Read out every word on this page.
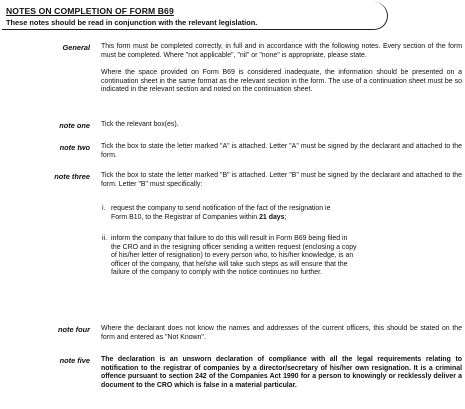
NOTES ON COMPLETION OF FORM B69
These notes should be read in conjunction with the relevant legislation.
General This form must be completed correctly, in full and in accordance with the following notes. Every section of the form must be completed. Where "not applicable", "nil" or "none" is appropriate, please state.
Where the space provided on Form B69 is considered inadequate, the information should be presented on a continuation sheet in the same format as the relevant section in the form. The use of a continuation sheet must be so indicated in the relevant section and noted on the continuation sheet.
note one Tick the relevant box(es).
note two Tick the box to state the letter marked "A" is attached. Letter "A" must be signed by the declarant and attached to the form.
note three Tick the box to state the letter marked "B" is attached. Letter "B" must be signed by the declarant and attached to the form. Letter "B" must specifically:
i. request the company to send notification of the fact of the resignation ie Form B10, to the Registrar of Companies within 21 days;
ii. inform the company that failure to do this will result in Form B69 being filed in the CRO and in the resigning officer sending a written request (enclosing a copy of his/her letter of resignation) to every person who, to his/her knowledge, is an officer of the company, that he/she will take such steps as will ensure that the failure of the company to comply with the notice continues no further.
note four Where the declarant does not know the names and addresses of the current officers, this should be stated on the form and entered as "Not Known".
note five The declaration is an unsworn declaration of compliance with all the legal requirements relating to notification to the registrar of companies by a director/secretary of his/her own resignation. It is a criminal offence pursuant to section 242 of the Companies Act 1990 for a person to knowingly or recklessly deliver a document to the CRO which is false in a material particular.
